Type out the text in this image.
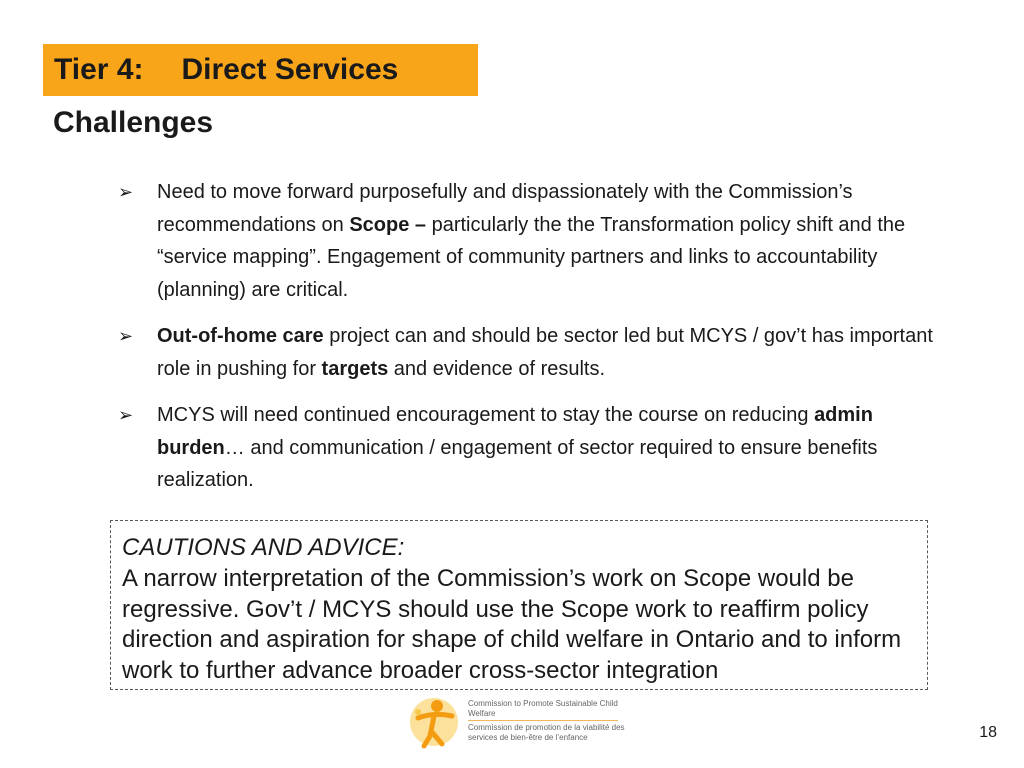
Tier 4: Direct Services
Challenges
➢	Need to move forward purposefully and dispassionately with the Commission’s recommendations on Scope – particularly the the Transformation policy shift and the “service mapping”. Engagement of community partners and links to accountability (planning) are critical.
➢	Out-of-home care project can and should be sector led but MCYS / gov’t has important role in pushing for targets and evidence of results.
➢	MCYS will need continued encouragement to stay the course on reducing admin burden… and communication / engagement of sector required to ensure benefits realization.
CAUTIONS AND ADVICE:
A narrow interpretation of the Commission’s work on Scope would be regressive. Gov’t / MCYS should use the Scope work to reaffirm policy direction and aspiration for shape of child welfare in Ontario and to inform work to further advance broader cross-sector integration
Commission to Promote Sustainable Child Welfare
Commission de promotion de la viabilité des services de bien-être de l’enfance	18
